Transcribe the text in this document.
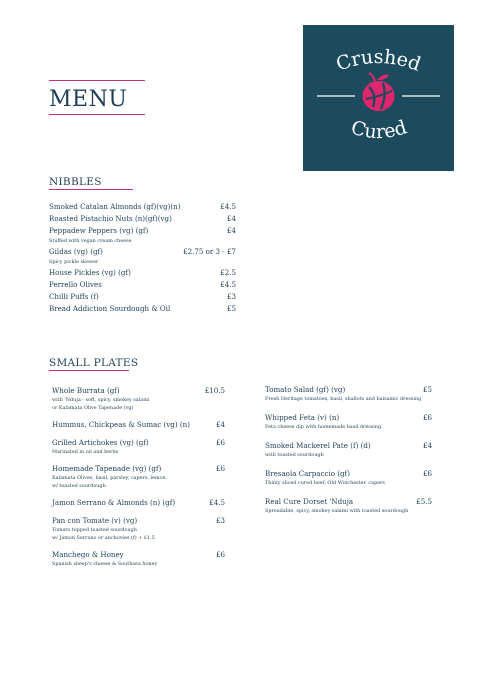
MENU
Crushed
Cured
NIBBLES
Smoked Catalan Almonds (gf)(vg)(n)	£4.5
Roasted Pistachio Nuts (n)(gf)(vg)	£4
Peppadew Peppers (vg) (gf)	£4
Stuffed with vegan cream cheese
Gildas (vg) (gf)	£2.75 or 3 - £7
Spicy pickle skewer
House Pickles (vg) (gf)	£2.5
Perrello Olives	£4.5
Chilli Puffs (f)	£3
Bread Addiction Sourdough & Oil	£5
SMALL PLATES
Whole Burrata (gf)	£10.5
with 'Nduja - soft, spicy, smokey salami
or Kalamata Olive Tapenade (vg)
Hummus, Chickpeas & Sumac (vg) (n)	£4
Grilled Artichokes (vg) (gf)	£6
Marinated in oil and herbs
Homemade Tapenade (vg) (gf)	£6
Kalamata Olives, basil, parsley, capers, lemon
w/ toasted sourdough.
Jamon Serrano & Almonds (n) (gf)	£4.5
Pan con Tomate (v) (vg)	£3
Tomato topped toasted sourdough
w/ Jamon Serrano or anchovies (f) + £1.5
Manchego & Honey	£6
Spanish sheep's cheese & Southsea honey
Tomato Salad (gf) (vg)	£5
Fresh Heritage tomatoes, basil, shallots and balsamic dressing
Whipped Feta (v) (n)	£6
Feta cheese dip with homemade basil dressing.
Smoked Mackerel Pate (f) (d)	£4
with toasted sourdough
Bresaola Carpaccio (gf)	£6
Thinly sliced cured beef, Old Winchester, capers
Real Cure Dorset 'Nduja	£5.5
Spreadable, spicy, smokey salami with toasted sourdough
